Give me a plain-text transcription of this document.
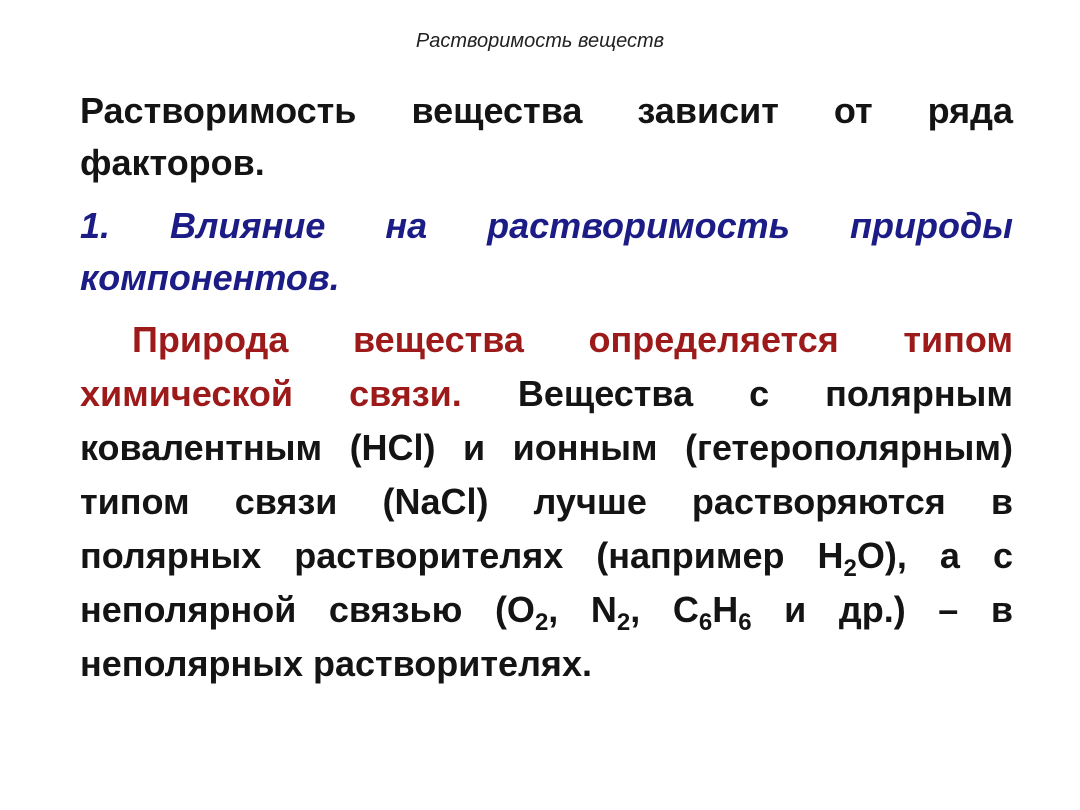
Растворимость веществ

Растворимость вещества зависит от ряда факторов.

1. Влияние на растворимость природы компонентов.

Природа вещества определяется типом химической связи. Вещества с полярным ковалентным (HCl) и ионным (гетерополярным) типом связи (NaCl) лучше растворяются в полярных растворителях (например $H_2O$), а с неполярной связью ($O_2$, $N_2$, $C_6H_6$ и др.) – в неполярных растворителях.
